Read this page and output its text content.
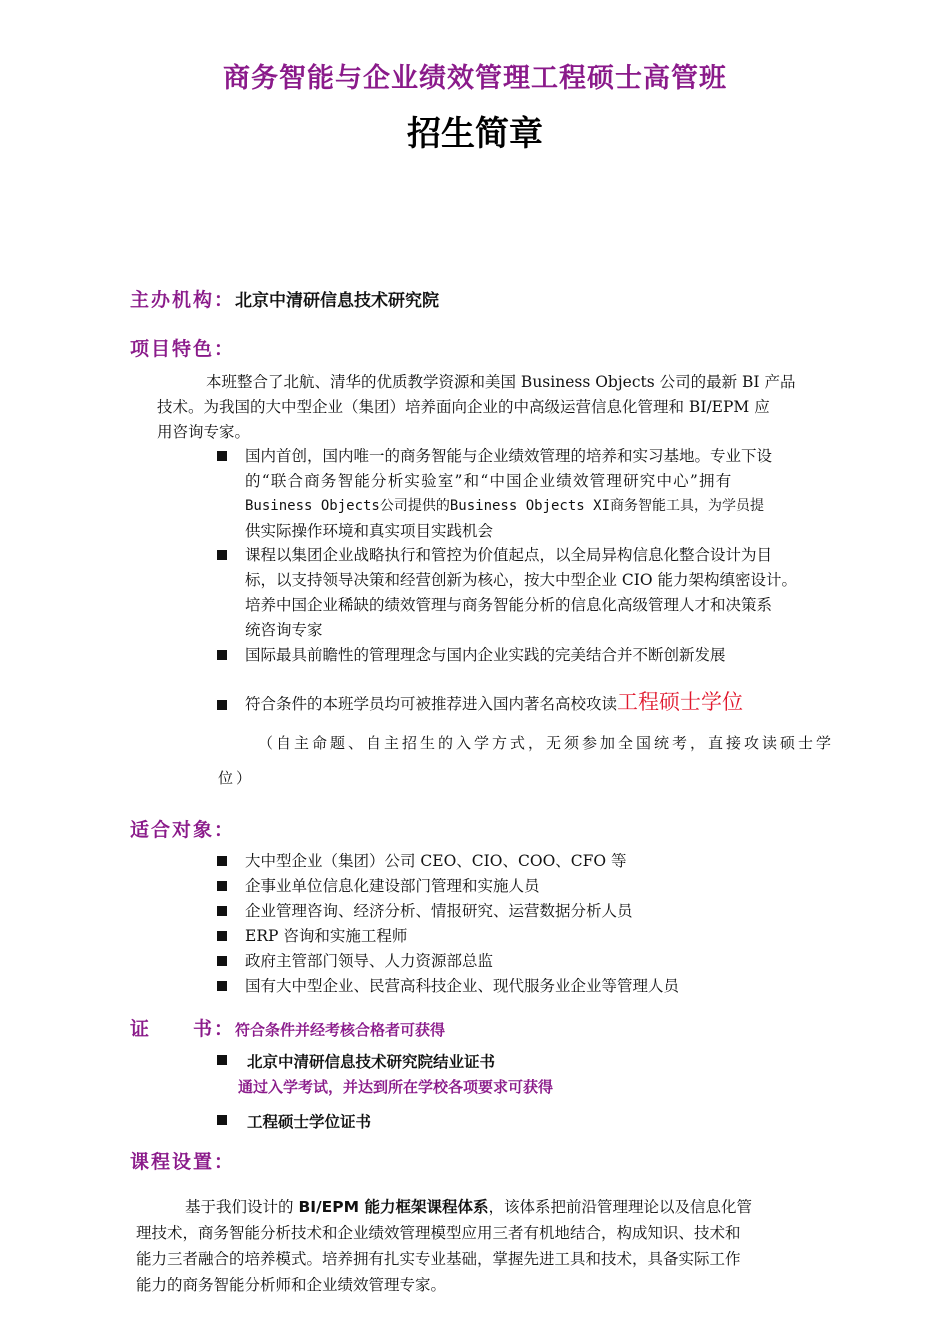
商务智能与企业绩效管理工程硕士高管班
招生简章
主办机构：北京中清研信息技术研究院
项目特色：
本班整合了北航、清华的优质教学资源和美国 Business Objects 公司的最新 BI 产品
技术。为我国的大中型企业（集团）培养面向企业的中高级运营信息化管理和 BI/EPM 应
用咨询专家。
国内首创，国内唯一的商务智能与企业绩效管理的培养和实习基地。专业下设
的“联合商务智能分析实验室”和“中国企业绩效管理研究中心”拥有
Business Objects公司提供的Business Objects XI商务智能工具，为学员提
供实际操作环境和真实项目实践机会
课程以集团企业战略执行和管控为价值起点，以全局异构信息化整合设计为目
标，以支持领导决策和经营创新为核心，按大中型企业 CIO 能力架构缜密设计。
培养中国企业稀缺的绩效管理与商务智能分析的信息化高级管理人才和决策系
统咨询专家
国际最具前瞻性的管理理念与国内企业实践的完美结合并不断创新发展
符合条件的本班学员均可被推荐进入国内著名高校攻读工程硕士学位
（自主命题、自主招生的入学方式，无须参加全国统考，直接攻读硕士学
位）
适合对象：
大中型企业（集团）公司 CEO、CIO、COO、CFO 等
企事业单位信息化建设部门管理和实施人员
企业管理咨询、经济分析、情报研究、运营数据分析人员
ERP 咨询和实施工程师
政府主管部门领导、人力资源部总监
国有大中型企业、民营高科技企业、现代服务业企业等管理人员
证　　书：符合条件并经考核合格者可获得
北京中清研信息技术研究院结业证书
通过入学考试，并达到所在学校各项要求可获得
工程硕士学位证书
课程设置：
基于我们设计的 BI/EPM 能力框架课程体系，该体系把前沿管理理论以及信息化管
理技术，商务智能分析技术和企业绩效管理模型应用三者有机地结合，构成知识、技术和
能力三者融合的培养模式。培养拥有扎实专业基础，掌握先进工具和技术，具备实际工作
能力的商务智能分析师和企业绩效管理专家。
